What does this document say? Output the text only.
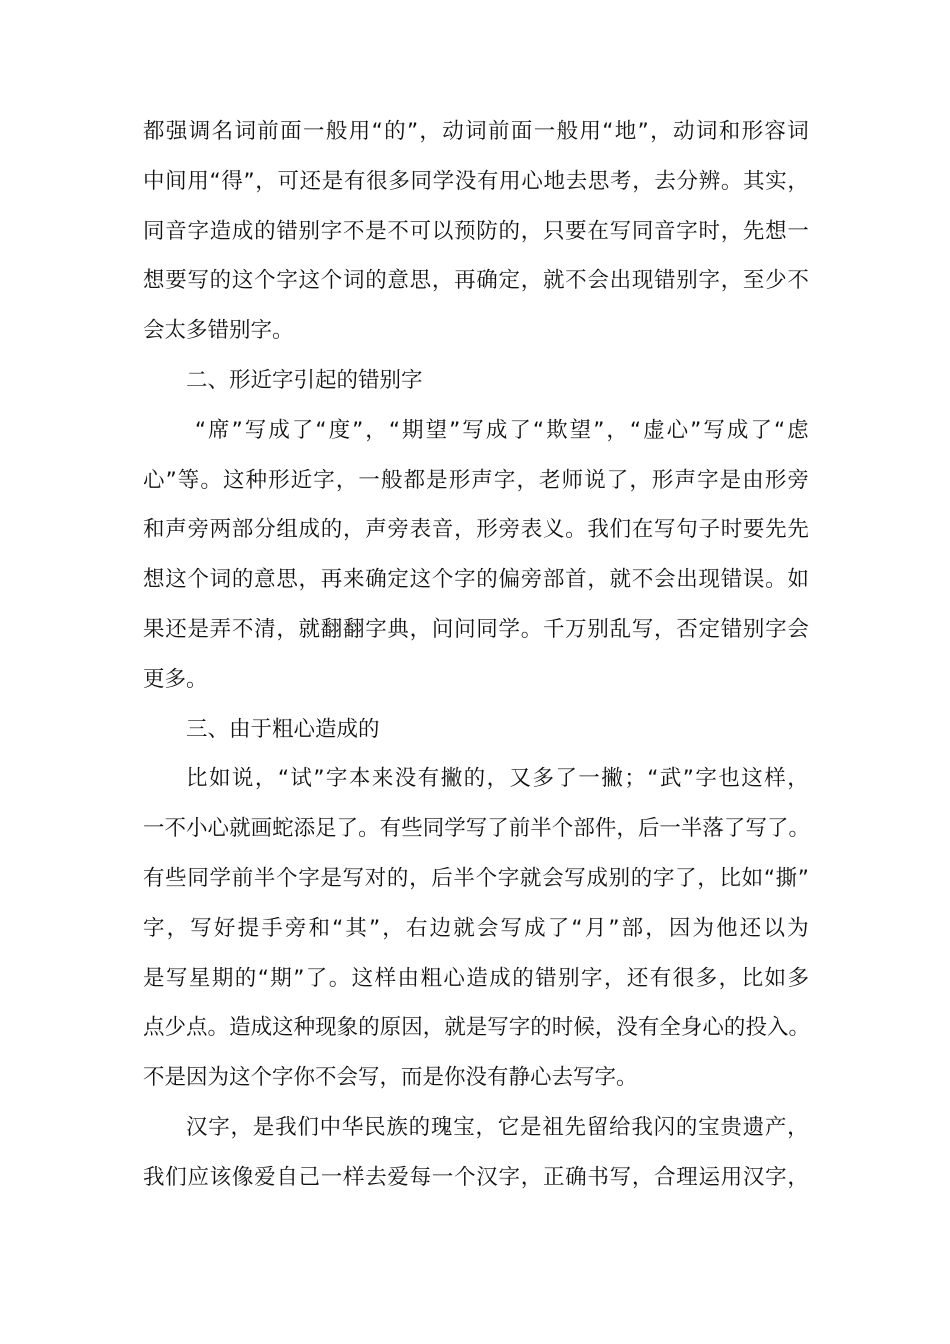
都 强 调 名 词 前 面 一 般 用 “ 的 ” ， 动 词 前 面 一 般 用 “ 地 ” ， 动 词 和 形 容 词
中 间 用 “ 得 ” ， 可 还 是 有 很 多 同 学 没 有 用 心 地 去 思 考 ， 去 分 辨 。 其 实 ，
同 音 字 造 成 的 错 别 字 不 是 不 可 以 预 防 的 ， 只 要 在 写 同 音 字 时 ， 先 想 一
想 要 写 的 这 个 字 这 个 词 的 意 思 ， 再 确 定 ， 就 不 会 出 现 错 别 字 ， 至 少 不
会太多错别字。
二、形近字引起的错别字

“ 席 ” 写 成 了 “ 度 ” ， “ 期 望 ” 写 成 了 “ 欺 望 ” ， “ 虚 心 ” 写 成 了 “ 虑
心 ” 等 。 这 种 形 近 字 ， 一 般 都 是 形 声 字 ， 老 师 说 了 ， 形 声 字 是 由 形 旁
和 声 旁 两 部 分 组 成 的 ， 声 旁 表 音 ， 形 旁 表 义 。 我 们 在 写 句 子 时 要 先 先
想 这 个 词 的 意 思 ， 再 来 确 定 这 个 字 的 偏 旁 部 首 ， 就 不 会 出 现 错 误 。 如
果 还 是 弄 不 清 ， 就 翻 翻 字 典 ， 问 问 同 学 。 千 万 别 乱 写 ， 否 定 错 别 字 会
更多。
三、由于粗心造成的
比 如 说 ， “ 试 ” 字 本 来 没 有 撇 的 ， 又 多 了 一 撇 ； “ 武 ” 字 也 这 样 ，
一 不 小 心 就 画 蛇 添 足 了 。 有 些 同 学 写 了 前 半 个 部 件 ， 后 一 半 落 了 写 了 。
有 些 同 学 前 半 个 字 是 写 对 的 ， 后 半 个 字 就 会 写 成 别 的 字 了 ， 比 如 “ 撕 ”
字 ， 写 好 提 手 旁 和 “ 其 ” ， 右 边 就 会 写 成 了 “ 月 ” 部 ， 因 为 他 还 以 为
是 写 星 期 的 “ 期 ” 了 。 这 样 由 粗 心 造 成 的 错 别 字 ， 还 有 很 多 ， 比 如 多
点 少 点 。 造 成 这 种 现 象 的 原 因 ， 就 是 写 字 的 时 候 ， 没 有 全 身 心 的 投 入 。
不是因为这个字你不会写，而是你没有静心去写字。
汉 字 ， 是 我 们 中 华 民 族 的 瑰 宝 ， 它 是 祖 先 留 给 我 闪 的 宝 贵 遗 产 ，
我 们 应 该 像 爱 自 己 一 样 去 爱 每 一 个 汉 字 ， 正 确 书 写 ， 合 理 运 用 汉 字 ，
